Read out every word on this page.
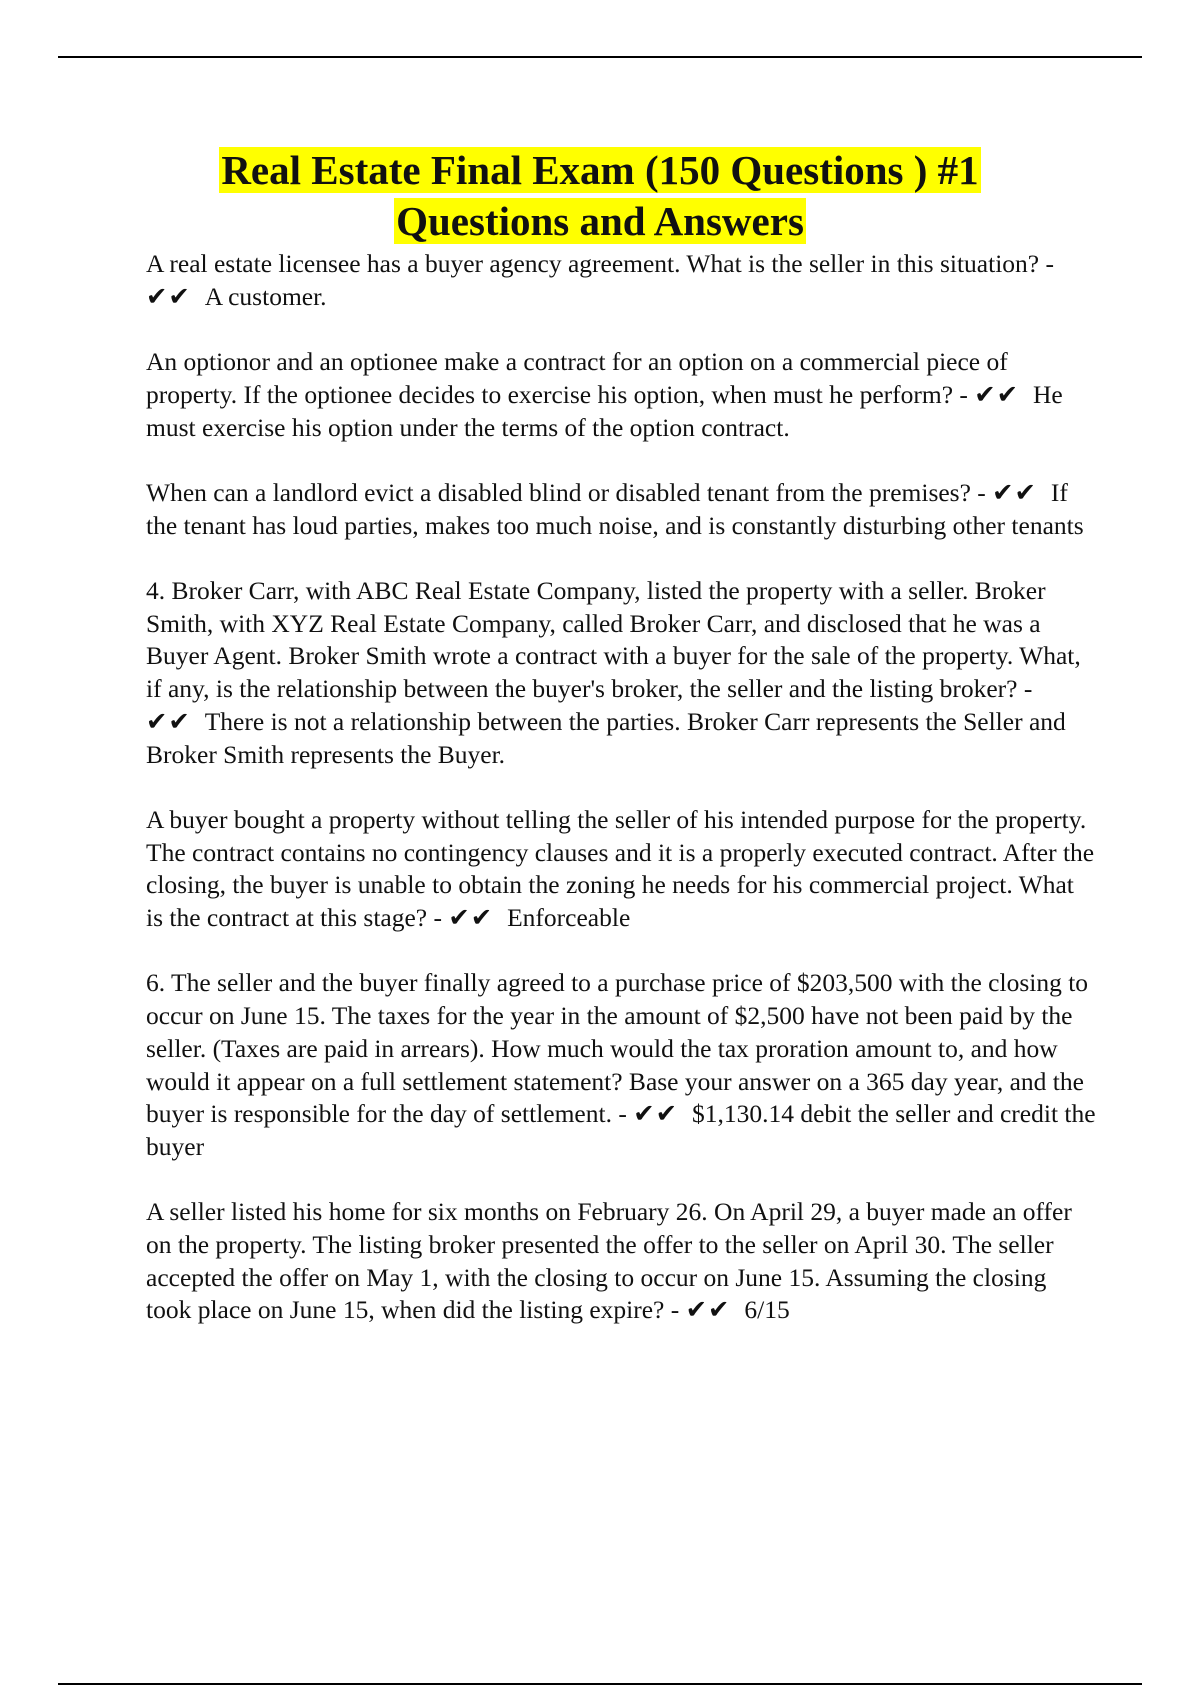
Real Estate Final Exam (150 Questions ) #1
Questions and Answers

A real estate licensee has a buyer agency agreement. What is the seller in this situation? - ✔✔ A customer.

An optionor and an optionee make a contract for an option on a commercial piece of property. If the optionee decides to exercise his option, when must he perform? - ✔✔ He must exercise his option under the terms of the option contract.

When can a landlord evict a disabled blind or disabled tenant from the premises? - ✔✔ If the tenant has loud parties, makes too much noise, and is constantly disturbing other tenants

4. Broker Carr, with ABC Real Estate Company, listed the property with a seller. Broker Smith, with XYZ Real Estate Company, called Broker Carr, and disclosed that he was a Buyer Agent. Broker Smith wrote a contract with a buyer for the sale of the property. What, if any, is the relationship between the buyer's broker, the seller and the listing broker? - ✔✔ There is not a relationship between the parties. Broker Carr represents the Seller and Broker Smith represents the Buyer.

A buyer bought a property without telling the seller of his intended purpose for the property. The contract contains no contingency clauses and it is a properly executed contract. After the closing, the buyer is unable to obtain the zoning he needs for his commercial project. What is the contract at this stage? - ✔✔ Enforceable

6. The seller and the buyer finally agreed to a purchase price of $203,500 with the closing to occur on June 15. The taxes for the year in the amount of $2,500 have not been paid by the seller. (Taxes are paid in arrears). How much would the tax proration amount to, and how would it appear on a full settlement statement? Base your answer on a 365 day year, and the buyer is responsible for the day of settlement. - ✔✔ $1,130.14 debit the seller and credit the buyer

A seller listed his home for six months on February 26. On April 29, a buyer made an offer on the property. The listing broker presented the offer to the seller on April 30. The seller accepted the offer on May 1, with the closing to occur on June 15. Assuming the closing took place on June 15, when did the listing expire? - ✔✔ 6/15
